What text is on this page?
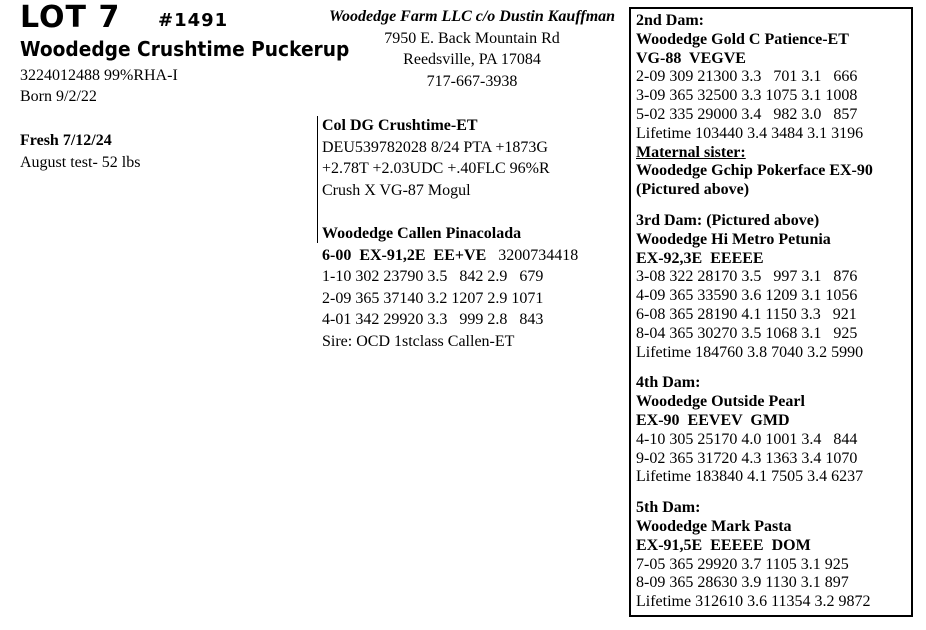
LOT 7 #1491
Woodedge Crushtime Puckerup
3224012488 99%RHA-I
Born 9/2/22
Fresh 7/12/24
August test- 52 lbs
Woodedge Farm LLC c/o Dustin Kauffman
7950 E. Back Mountain Rd
Reedsville, PA 17084
717-667-3938
Col DG Crushtime-ET
DEU539782028 8/24 PTA +1873G
+2.78T +2.03UDC +.40FLC 96%R
Crush X VG-87 Mogul
Woodedge Callen Pinacolada
6-00  EX-91,2E  EE+VE 3200734418
1-10 302 23790 3.5   842 2.9   679
2-09 365 37140 3.2 1207 2.9 1071
4-01 342 29920 3.3   999 2.8   843
Sire: OCD 1stclass Callen-ET
2nd Dam:
Woodedge Gold C Patience-ET
VG-88  VEGVE
2-09 309 21300 3.3   701 3.1   666
3-09 365 32500 3.3 1075 3.1 1008
5-02 335 29000 3.4   982 3.0   857
Lifetime 103440 3.4 3484 3.1 3196
Maternal sister:
Woodedge Gchip Pokerface EX-90
(Pictured above)
3rd Dam: (Pictured above)
Woodedge Hi Metro Petunia
EX-92,3E  EEEEE
3-08 322 28170 3.5   997 3.1   876
4-09 365 33590 3.6 1209 3.1 1056
6-08 365 28190 4.1 1150 3.3   921
8-04 365 30270 3.5 1068 3.1   925
Lifetime 184760 3.8 7040 3.2 5990
4th Dam:
Woodedge Outside Pearl
EX-90  EEVEV  GMD
4-10 305 25170 4.0 1001 3.4   844
9-02 365 31720 4.3 1363 3.4 1070
Lifetime 183840 4.1 7505 3.4 6237
5th Dam:
Woodedge Mark Pasta
EX-91,5E  EEEEE  DOM
7-05 365 29920 3.7 1105 3.1 925
8-09 365 28630 3.9 1130 3.1 897
Lifetime 312610 3.6 11354 3.2 9872
